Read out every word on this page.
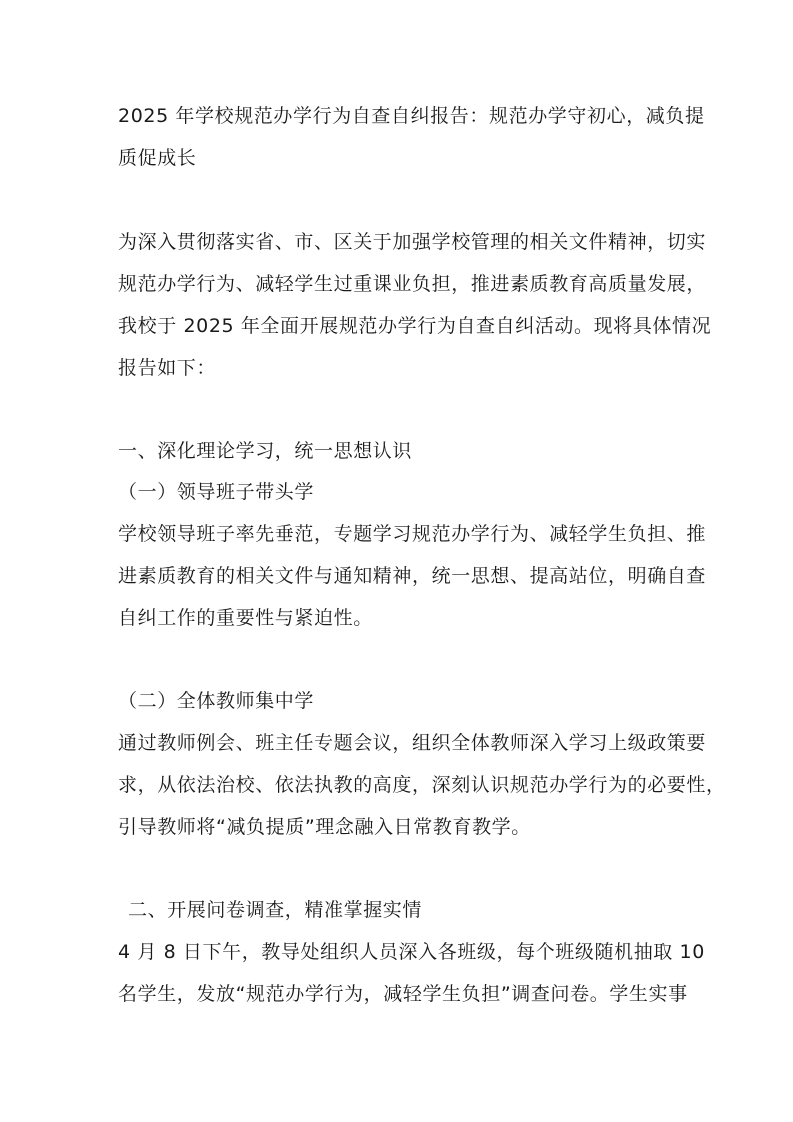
2025 年学校规范办学行为自查自纠报告：规范办学守初心，减负提
质促成长
为深入贯彻落实省、市、区关于加强学校管理的相关文件精神，切实
规范办学行为、减轻学生过重课业负担，推进素质教育高质量发展，
我校于 2025 年全面开展规范办学行为自查自纠活动。现将具体情况
报告如下：
一、深化理论学习，统一思想认识
（一）领导班子带头学
学校领导班子率先垂范，专题学习规范办学行为、减轻学生负担、推
进素质教育的相关文件与通知精神，统一思想、提高站位，明确自查
自纠工作的重要性与紧迫性。
（二）全体教师集中学
通过教师例会、班主任专题会议，组织全体教师深入学习上级政策要
求，从依法治校、依法执教的高度，深刻认识规范办学行为的必要性，
引导教师将“减负提质”理念融入日常教育教学。
二、开展问卷调查，精准掌握实情
4 月 8 日下午，教导处组织人员深入各班级，每个班级随机抽取 10
名学生，发放“规范办学行为，减轻学生负担”调查问卷。学生实事
